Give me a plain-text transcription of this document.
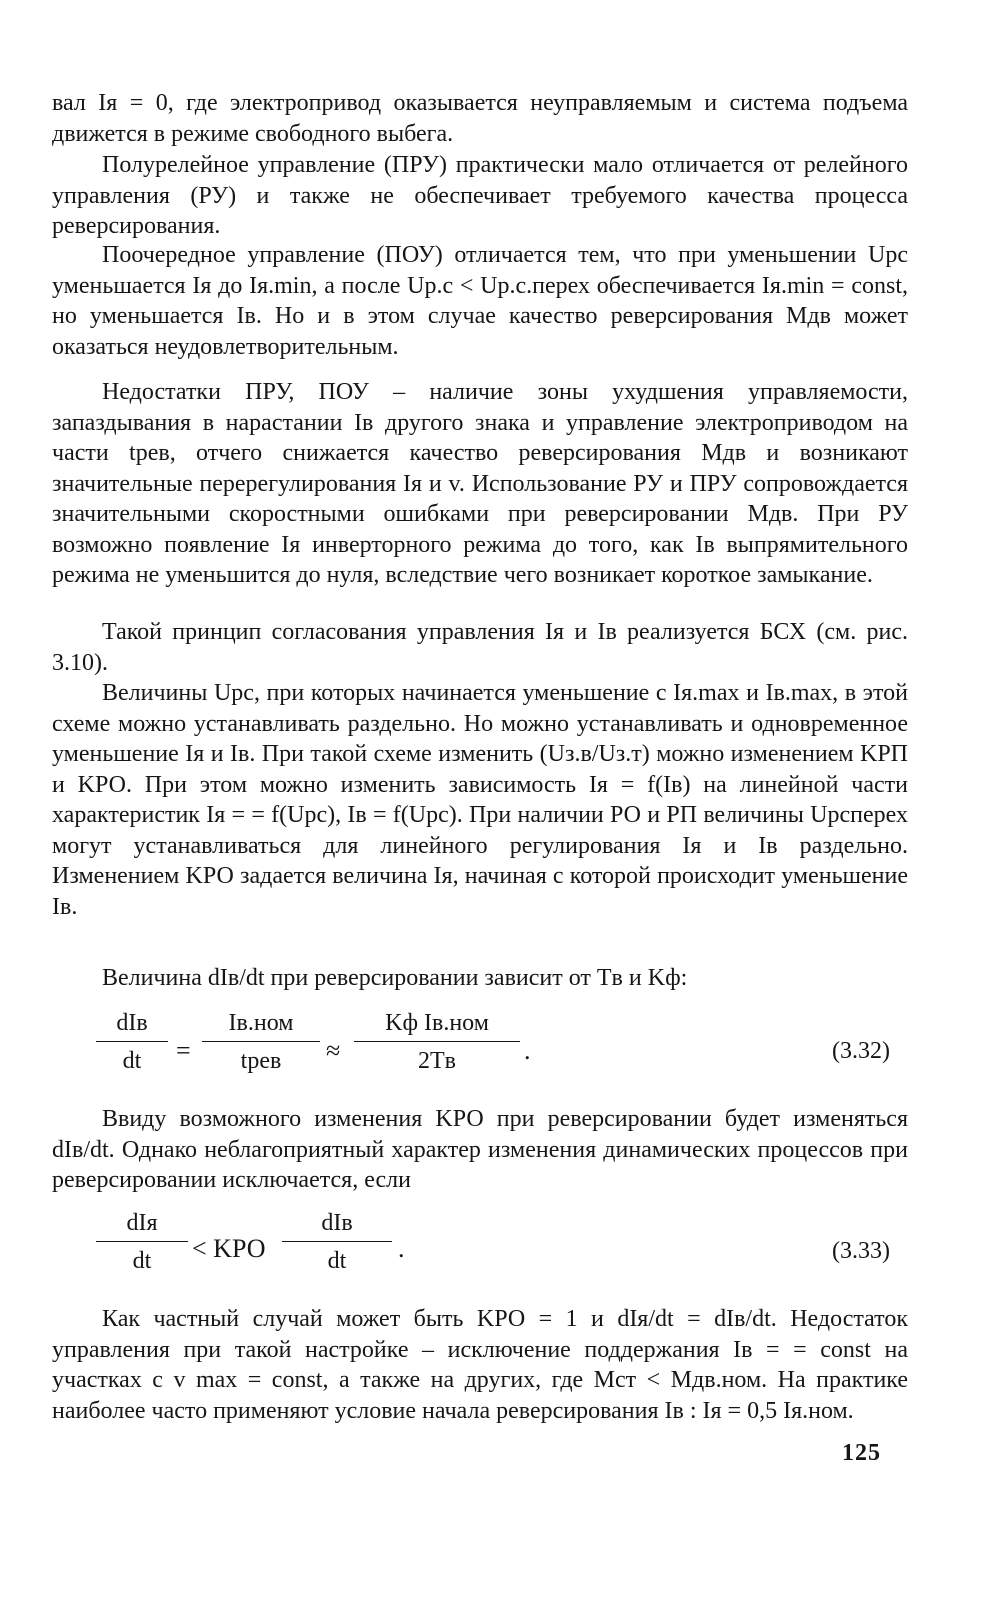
вал Iя = 0, где электропривод оказывается неуправляемым и система подъема движется в режиме свободного выбега.

Полурелейное управление (ПРУ) практически мало отличается от релейного управления (РУ) и также не обеспечивает требуемого качества процесса реверсирования.

Поочередное управление (ПОУ) отличается тем, что при уменьшении Uрс уменьшается Iя до Iя.min, а после Uр.с < Uр.с.перех обеспечивается Iя.min = const, но уменьшается Iв. Но и в этом случае качество реверсирования Mдв может оказаться неудовлетворительным.

Недостатки ПРУ, ПОУ – наличие зоны ухудшения управляемости, запаздывания в нарастании Iв другого знака и управление электроприводом на части tрев, отчего снижается качество реверсирования Mдв и возникают значительные перерегулирования Iя и v. Использование РУ и ПРУ сопровождается значительными скоростными ошибками при реверсировании Mдв. При РУ возможно появление Iя инверторного режима до того, как Iв выпрямительного режима не уменьшится до нуля, вследствие чего возникает короткое замыкание.

Такой принцип согласования управления Iя и Iв реализуется БСХ (см. рис. 3.10).

Величины Uрс, при которых начинается уменьшение с Iя.max и Iв.max, в этой схеме можно устанавливать раздельно. Но можно устанавливать и одновременное уменьшение Iя и Iв. При такой схеме изменить (Uз.в/Uз.т) можно изменением KРП и KРО. При этом можно изменить зависимость Iя = f(Iв) на линейной части характеристик Iя = = f(Uрс), Iв = f(Uрс). При наличии РО и РП величины Uрсперех могут устанавливаться для линейного регулирования Iя и Iв раздельно. Изменением KРО задается величина Iя, начиная с которой происходит уменьшение Iв.

Величина dIв/dt при реверсировании зависит от Tв и Kф:

dIв
dt	=
Iв.ном
tрев	≈
Kф Iв.ном
2Tв	.	(3.32)

Ввиду возможного изменения KРО при реверсировании будет изменяться dIв/dt. Однако неблагоприятный характер изменения динамических процессов при реверсировании исключается, если

dIя
dt	< KРО
dIв
dt	.	(3.33)

Как частный случай может быть KРО = 1 и dIя/dt = dIв/dt. Недостаток управления при такой настройке – исключение поддержания Iв = = const на участках с v max = const, а также на других, где Mст < Mдв.ном. На практике наиболее часто применяют условие начала реверсирования Iв : Iя = 0,5 Iя.ном.

125
